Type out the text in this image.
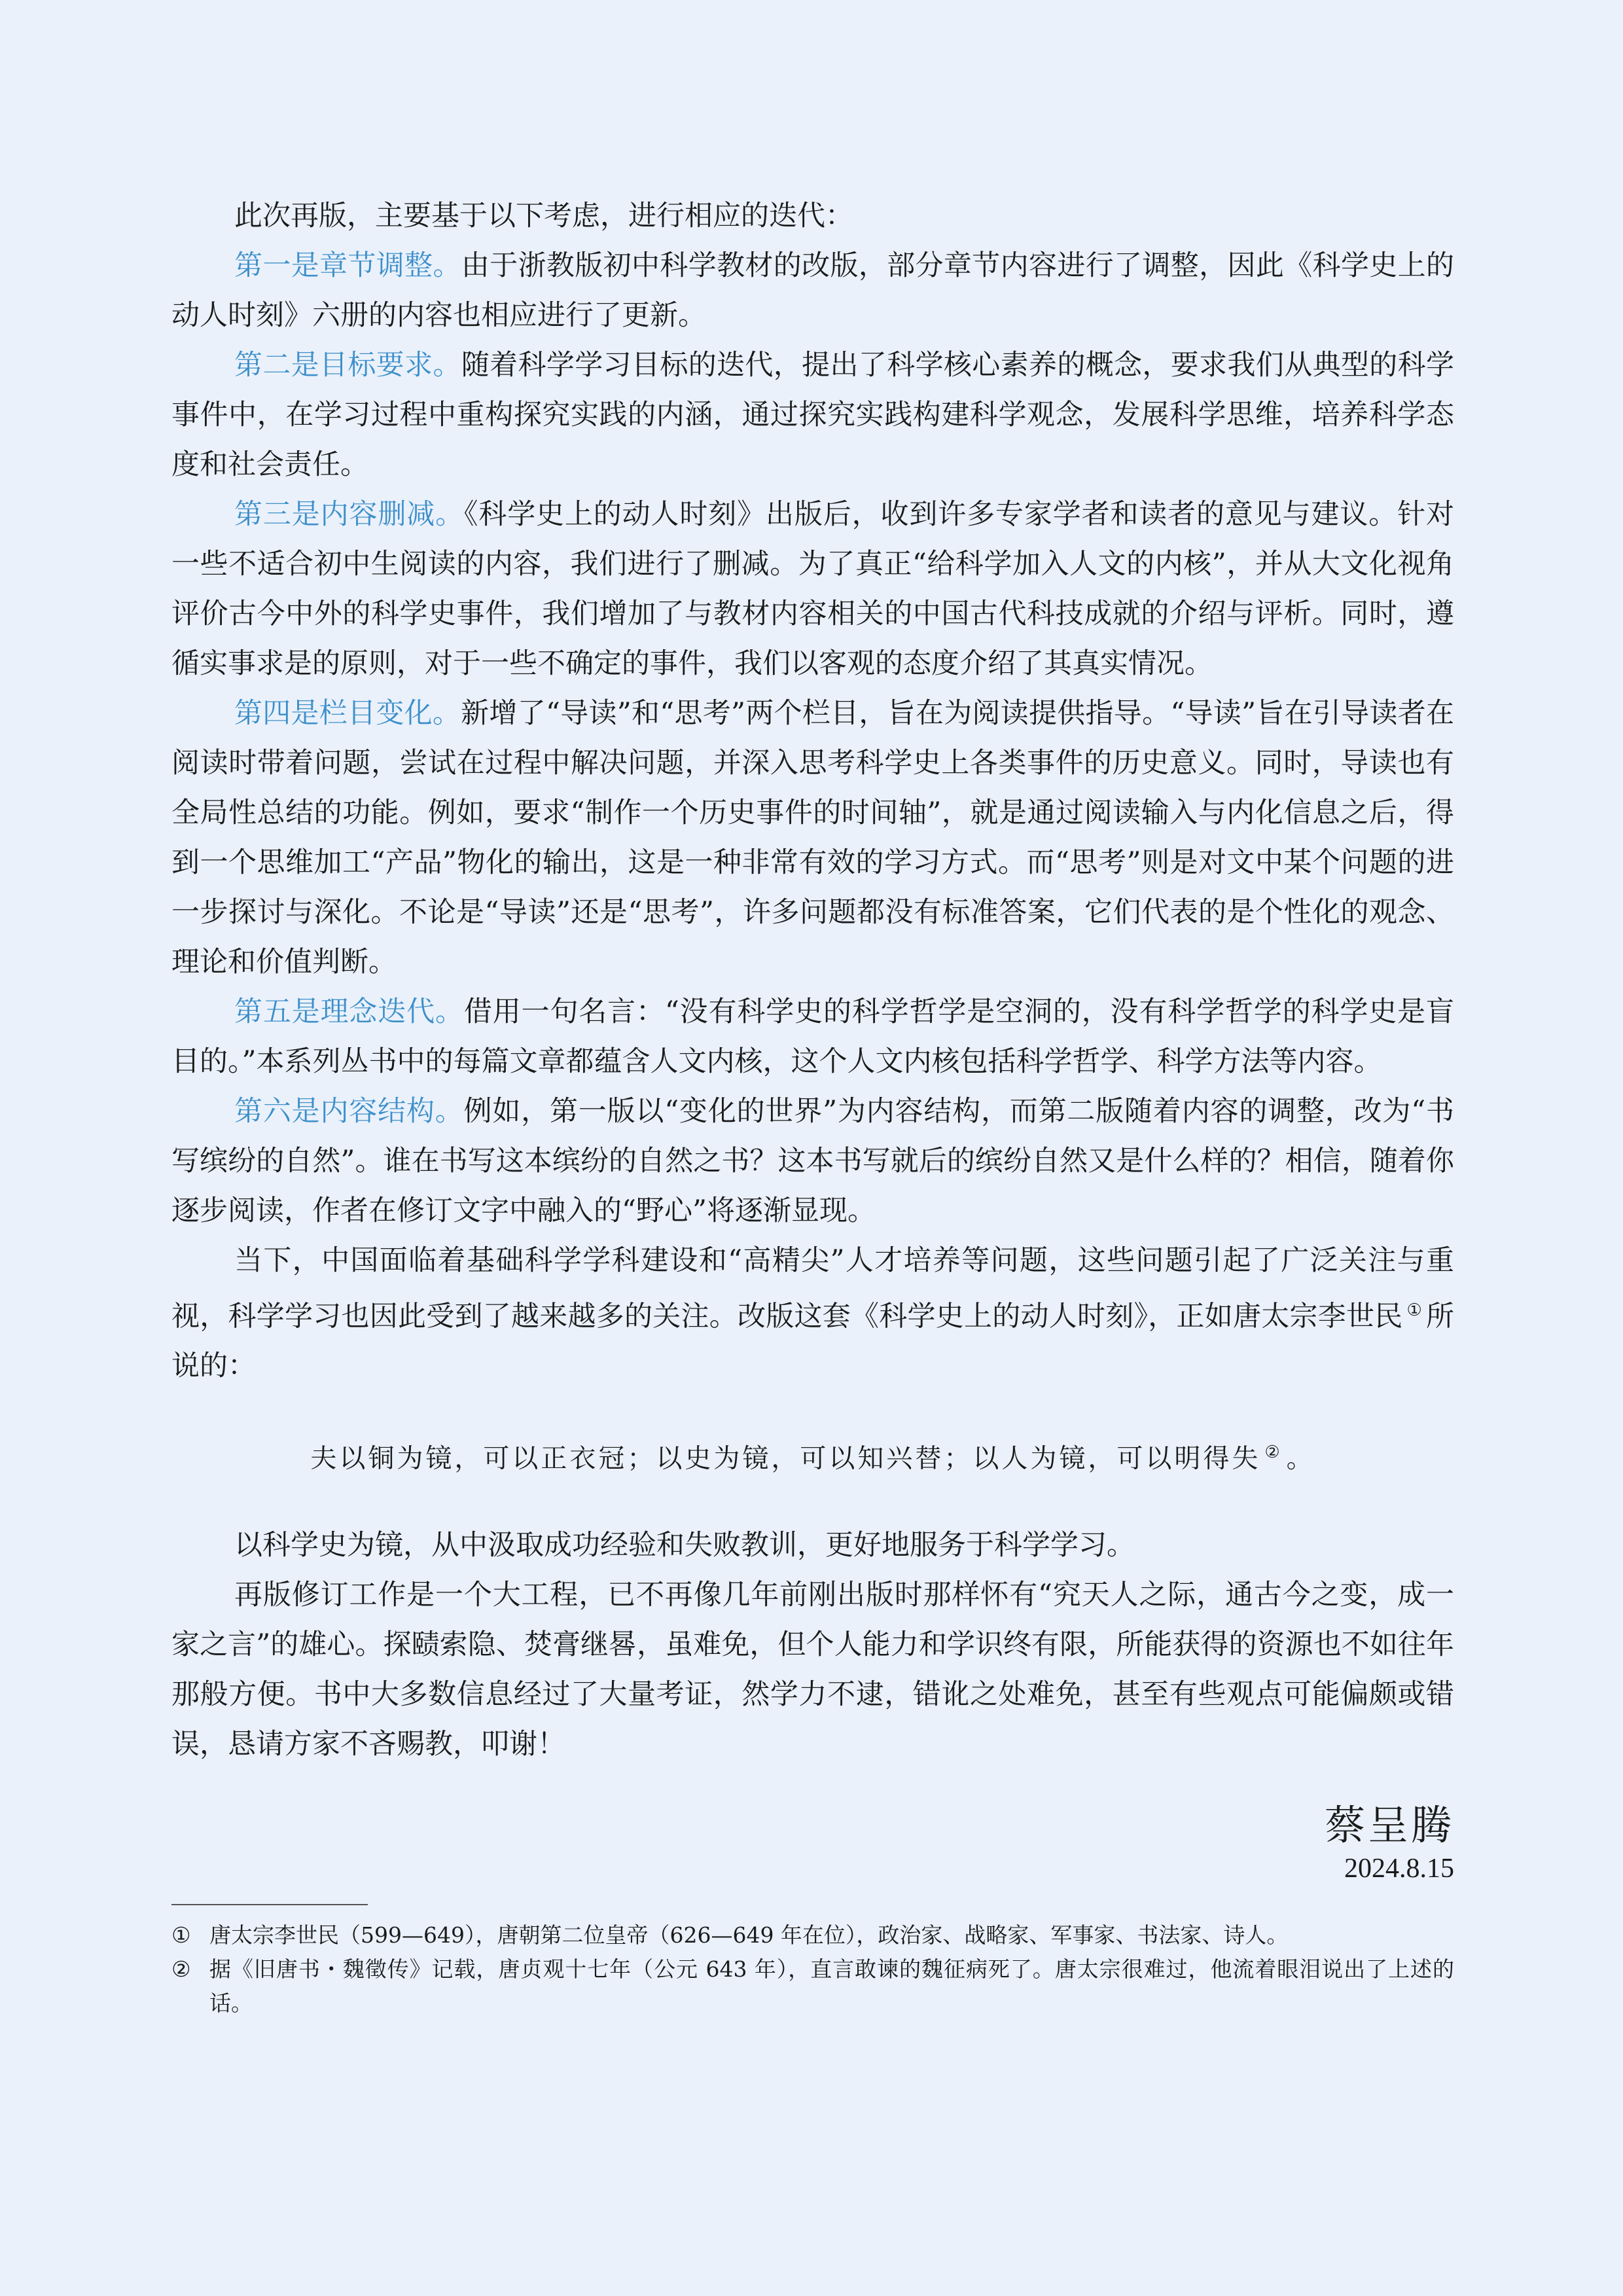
此次再版，主要基于以下考虑，进行相应的迭代：

第一是章节调整。由于浙教版初中科学教材的改版，部分章节内容进行了调整，因此《科学史上的动人时刻》六册的内容也相应进行了更新。

第二是目标要求。随着科学学习目标的迭代，提出了科学核心素养的概念，要求我们从典型的科学事件中，在学习过程中重构探究实践的内涵，通过探究实践构建科学观念，发展科学思维，培养科学态度和社会责任。

第三是内容删减。《科学史上的动人时刻》出版后，收到许多专家学者和读者的意见与建议。针对一些不适合初中生阅读的内容，我们进行了删减。为了真正“给科学加入人文的内核”，并从大文化视角评价古今中外的科学史事件，我们增加了与教材内容相关的中国古代科技成就的介绍与评析。同时，遵循实事求是的原则，对于一些不确定的事件，我们以客观的态度介绍了其真实情况。

第四是栏目变化。新增了“导读”和“思考”两个栏目，旨在为阅读提供指导。“导读”旨在引导读者在阅读时带着问题，尝试在过程中解决问题，并深入思考科学史上各类事件的历史意义。同时，导读也有全局性总结的功能。例如，要求“制作一个历史事件的时间轴”，就是通过阅读输入与内化信息之后，得到一个思维加工“产品”物化的输出，这是一种非常有效的学习方式。而“思考”则是对文中某个问题的进一步探讨与深化。不论是“导读”还是“思考”，许多问题都没有标准答案，它们代表的是个性化的观念、理论和价值判断。

第五是理念迭代。借用一句名言：“没有科学史的科学哲学是空洞的，没有科学哲学的科学史是盲目的。”本系列丛书中的每篇文章都蕴含人文内核，这个人文内核包括科学哲学、科学方法等内容。

第六是内容结构。例如，第一版以“变化的世界”为内容结构，而第二版随着内容的调整，改为“书写缤纷的自然”。谁在书写这本缤纷的自然之书？这本书写就后的缤纷自然又是什么样的？相信，随着你逐步阅读，作者在修订文字中融入的“野心”将逐渐显现。

当下，中国面临着基础科学学科建设和“高精尖”人才培养等问题，这些问题引起了广泛关注与重视，科学学习也因此受到了越来越多的关注。改版这套《科学史上的动人时刻》，正如唐太宗李世民 ① 所说的：

夫以铜为镜，可以正衣冠；以史为镜，可以知兴替；以人为镜，可以明得失 ② 。

以科学史为镜，从中汲取成功经验和失败教训，更好地服务于科学学习。

再版修订工作是一个大工程，已不再像几年前刚出版时那样怀有“究天人之际，通古今之变，成一家之言”的雄心。探赜索隐、焚膏继晷，虽难免，但个人能力和学识终有限，所能获得的资源也不如往年那般方便。书中大多数信息经过了大量考证，然学力不逮，错讹之处难免，甚至有些观点可能偏颇或错误，恳请方家不吝赐教，叩谢！

蔡呈腾
2024.8.15

① 唐太宗李世民（599—649），唐朝第二位皇帝（626—649 年在位），政治家、战略家、军事家、书法家、诗人。

② 据《旧唐书・魏徵传》记载，唐贞观十七年（公元 643 年），直言敢谏的魏征病死了。唐太宗很难过，他流着眼泪说出了上述的话。
